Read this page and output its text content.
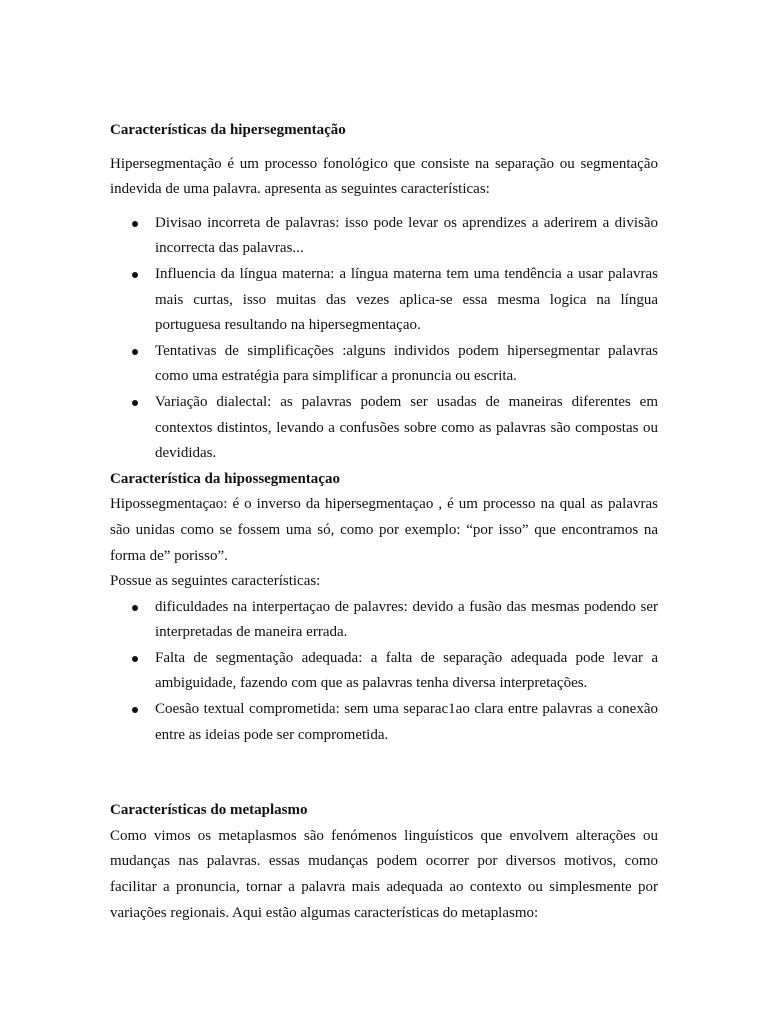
Características da hipersegmentação

Hipersegmentação é um processo fonológico que consiste na separação ou segmentação indevida de uma palavra. apresenta as seguintes características:

Divisao incorreta de palavras: isso pode levar os aprendizes a aderirem a divisão incorrecta das palavras...
Influencia da língua materna: a língua materna tem uma tendência a usar palavras mais curtas, isso muitas das vezes aplica-se essa mesma logica na língua portuguesa resultando na hipersegmentaçao.
Tentativas de simplificações :alguns individos podem hipersegmentar palavras como uma estratégia para simplificar a pronuncia ou escrita.
Variação dialectal: as palavras podem ser usadas de maneiras diferentes em contextos distintos, levando a confusões sobre como as palavras são compostas ou devididas.

Característica da hipossegmentaçao

Hipossegmentaçao: é o inverso da hipersegmentaçao , é um processo na qual as palavras são unidas como se fossem uma só, como por exemplo: “por isso” que encontramos na forma de” porisso”.

Possue as seguintes características:

dificuldades na interpertaçao de palavres: devido a fusão das mesmas podendo ser interpretadas de maneira errada.
Falta de segmentação adequada: a falta de separação adequada pode levar a ambiguidade, fazendo com que as palavras tenha diversa interpretações.
Coesão textual comprometida: sem uma separac1ao clara entre palavras a conexão entre as ideias pode ser comprometida.

Características do metaplasmo

Como vimos os metaplasmos são fenómenos linguísticos que envolvem alterações ou mudanças nas palavras. essas mudanças podem ocorrer por diversos motivos, como facilitar a pronuncia, tornar a palavra mais adequada ao contexto ou simplesmente por variações regionais. Aqui estão algumas características do metaplasmo:
